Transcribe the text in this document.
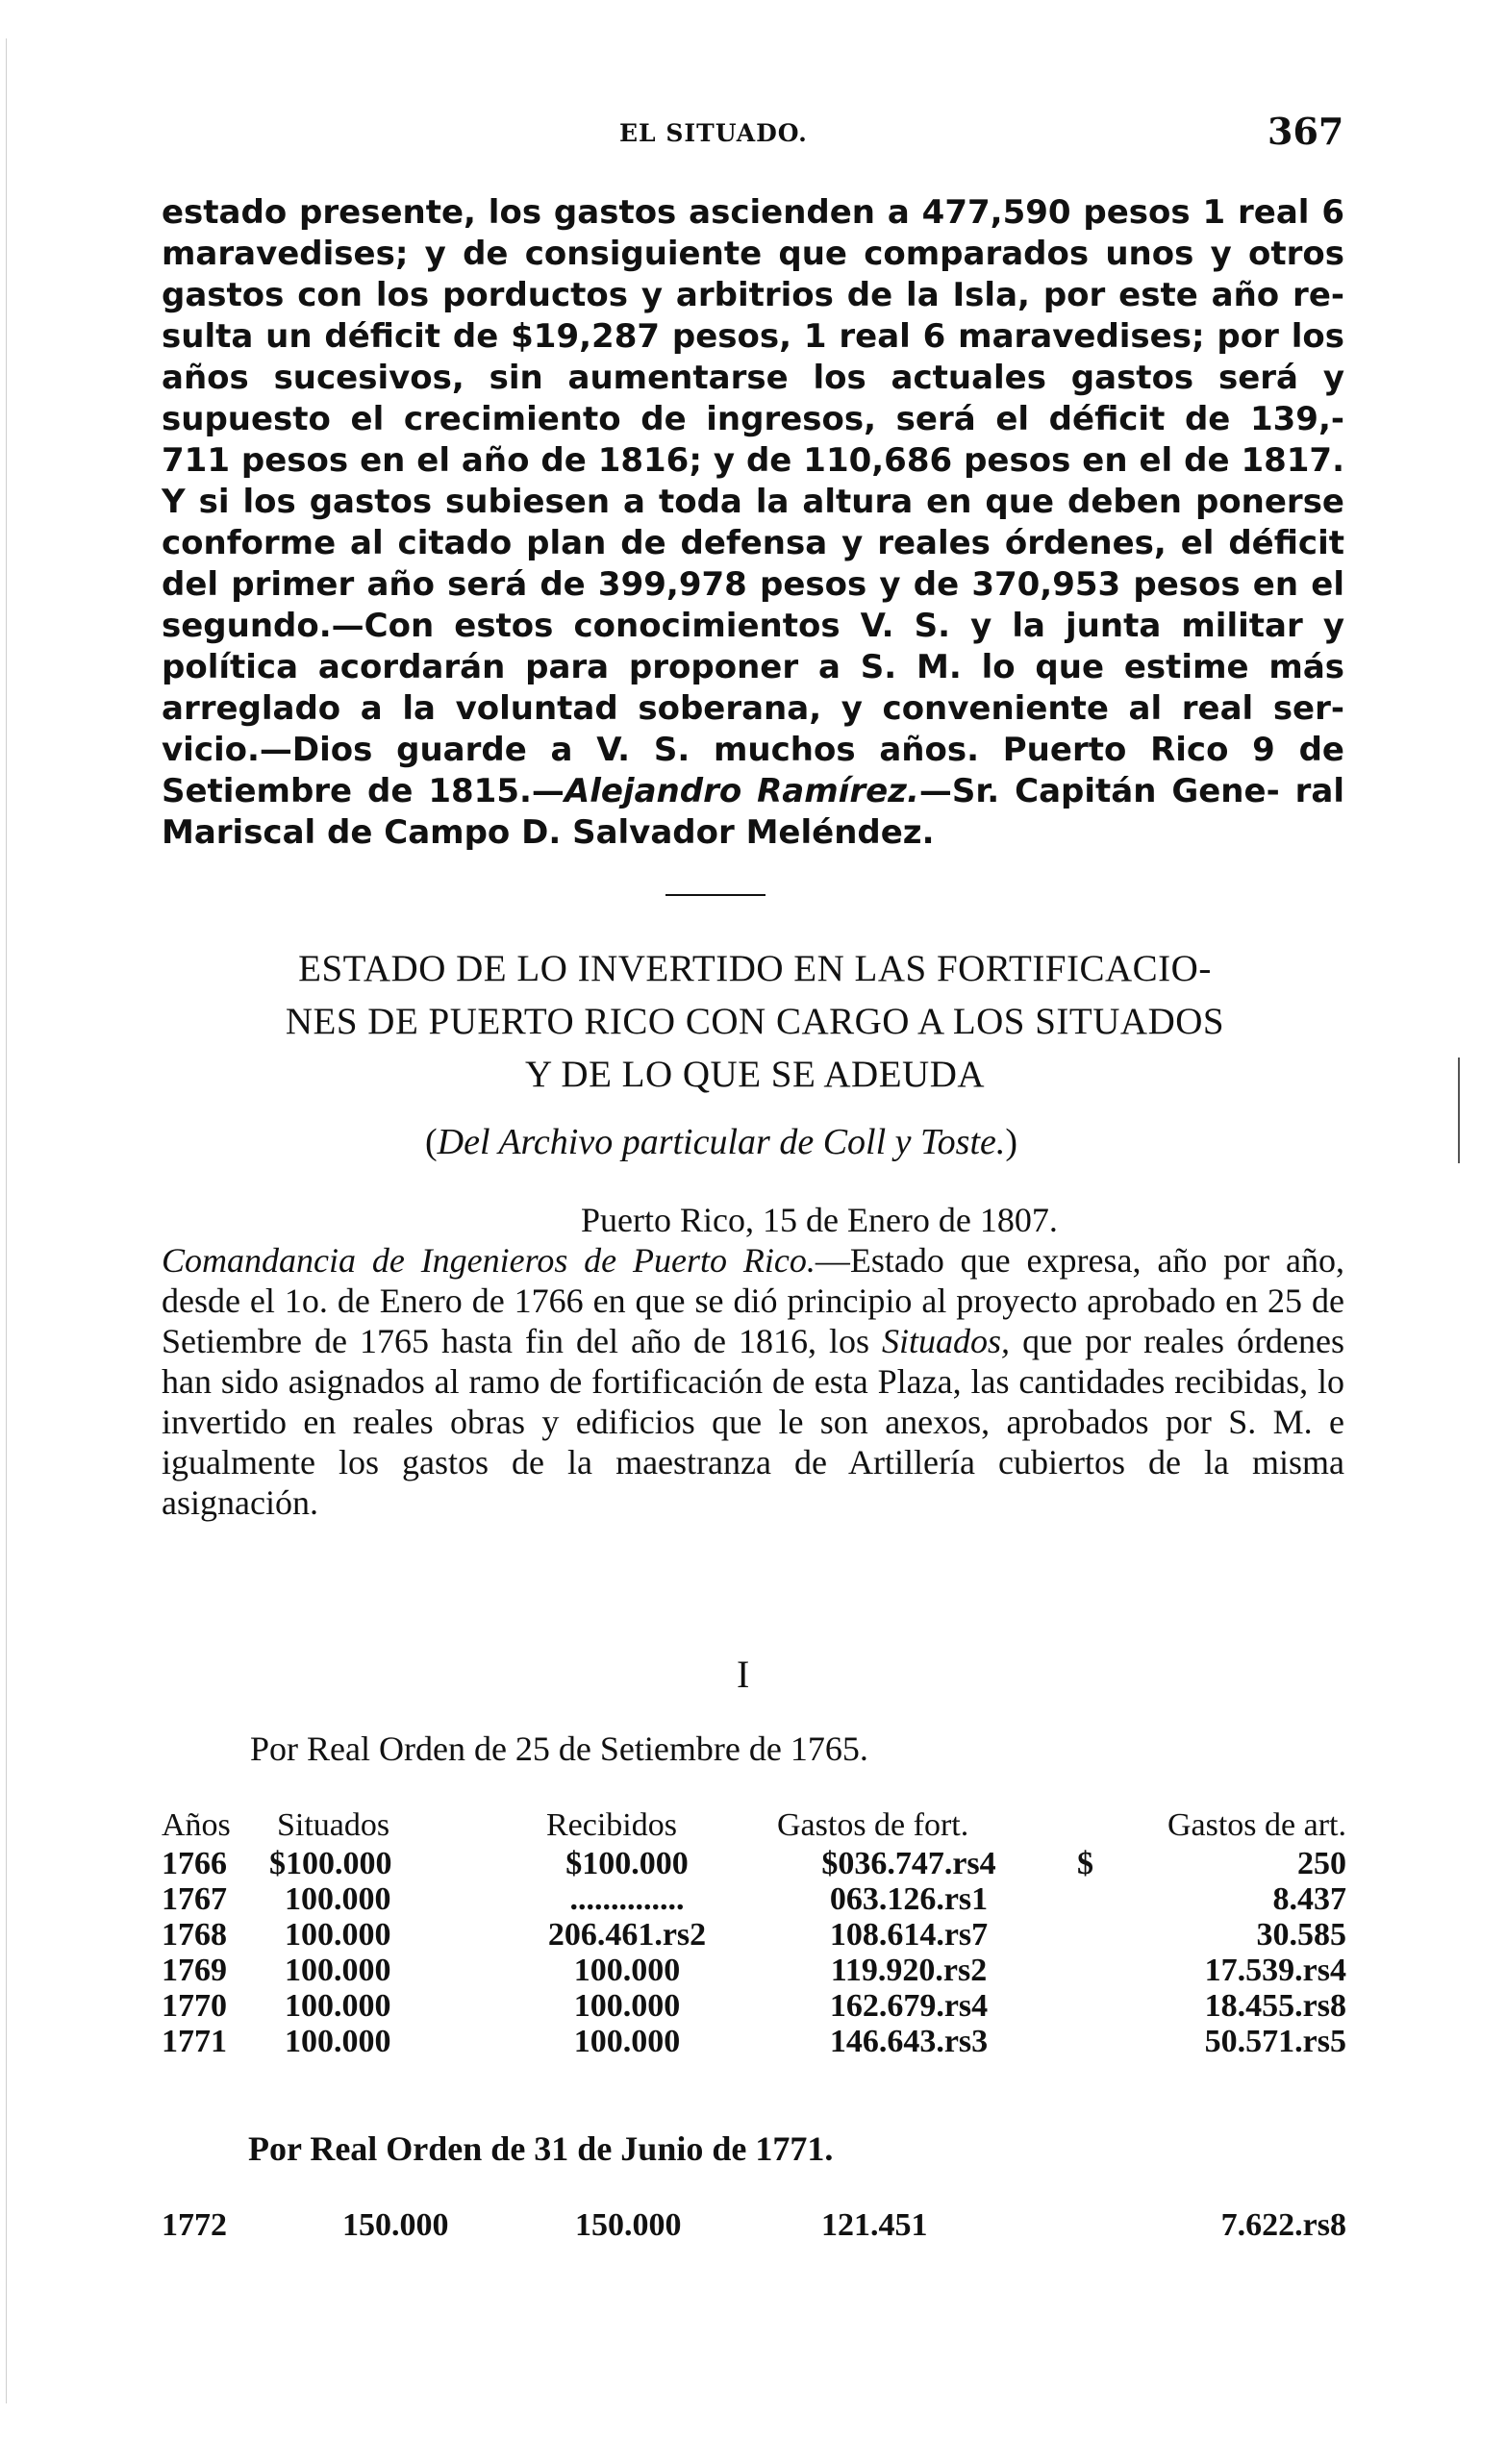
EL SITUADO.	367
estado presente, los gastos ascienden a 477,590 pesos 1 real 6 maravedises; y de consiguiente que comparados unos y otros gastos con los porductos y arbitrios de la Isla, por este año re- sulta un déficit de $19,287 pesos, 1 real 6 maravedises; por los años sucesivos, sin aumentarse los actuales gastos será y supuesto el crecimiento de ingresos, será el déficit de 139,- 711 pesos en el año de 1816; y de 110,686 pesos en el de 1817. Y si los gastos subiesen a toda la altura en que deben ponerse conforme al citado plan de defensa y reales órdenes, el déficit del primer año será de 399,978 pesos y de 370,953 pesos en el segundo.—Con estos conocimientos V. S. y la junta militar y política acordarán para proponer a S. M. lo que estime más arreglado a la voluntad soberana, y conveniente al real ser- vicio.—Dios guarde a V. S. muchos años. Puerto Rico 9 de Setiembre de 1815.—Alejandro Ramírez.—Sr. Capitán Gene- ral Mariscal de Campo D. Salvador Meléndez.
ESTADO DE LO INVERTIDO EN LAS FORTIFICACIO-
NES DE PUERTO RICO CON CARGO A LOS SITUADOS
Y DE LO QUE SE ADEUDA
(Del Archivo particular de Coll y Toste.)
Puerto Rico, 15 de Enero de 1807.
Comandancia de Ingenieros de Puerto Rico.—Estado que expresa, año por año, desde el 1o. de Enero de 1766 en que se dió principio al proyecto aprobado en 25 de Setiembre de 1765 hasta fin del año de 1816, los Situados, que por reales órdenes han sido asignados al ramo de fortificación de esta Plaza, las cantidades recibidas, lo invertido en reales obras y edificios que le son anexos, aprobados por S. M. e igualmente los gastos de la maestranza de Artillería cubiertos de la misma asignación.
I
Por Real Orden de 25 de Setiembre de 1765.
Años Situados	Recibidos	Gastos de fort.	Gastos de art.
1766 $100.000	$100.000	$036.747.rs4	$	250
1767	100.000	..............	063.126.rs1	8.437
1768	100.000	206.461.rs2	108.614.rs7	30.585
1769	100.000	100.000	119.920.rs2	17.539.rs4
1770	100.000	100.000	162.679.rs4	18.455.rs8
1771	100.000	100.000	146.643.rs3	50.571.rs5
Por Real Orden de 31 de Junio de 1771.
1772	150.000	150.000	121.451	7.622.rs8
